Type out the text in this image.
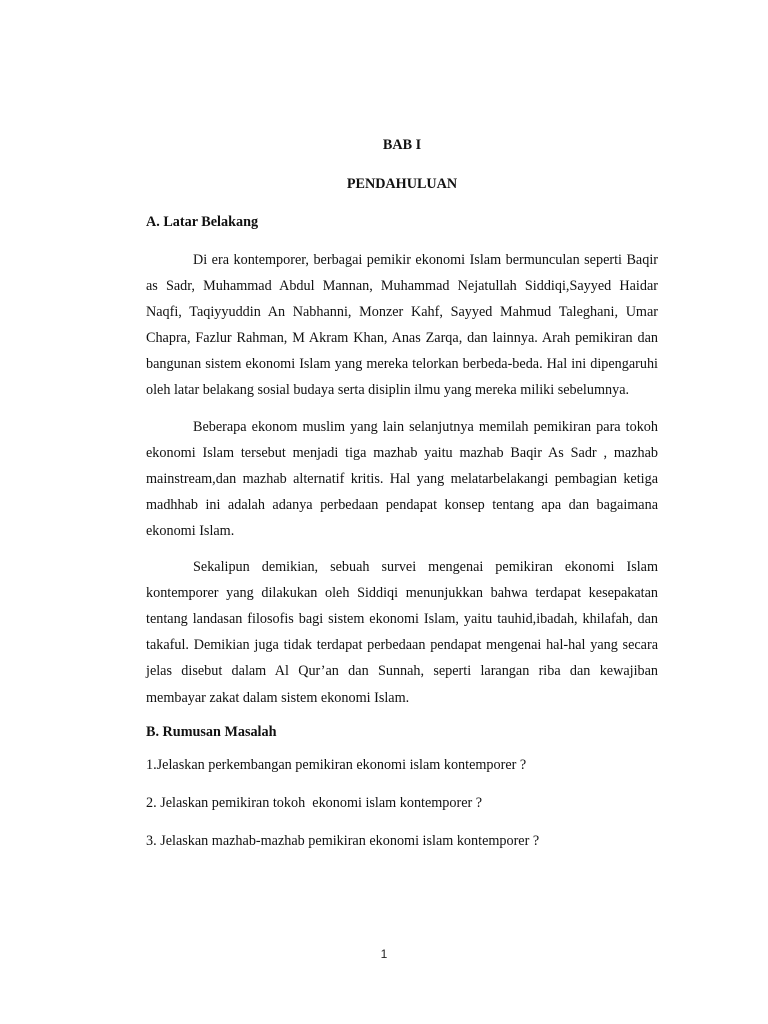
BAB I
PENDAHULUAN
A. Latar Belakang

Di era kontemporer, berbagai pemikir ekonomi Islam bermunculan seperti Baqir as Sadr, Muhammad Abdul Mannan, Muhammad Nejatullah Siddiqi,Sayyed Haidar Naqfi, Taqiyyuddin An Nabhanni, Monzer Kahf, Sayyed Mahmud Taleghani, Umar Chapra, Fazlur Rahman, M Akram Khan, Anas Zarqa, dan lainnya. Arah pemikiran dan bangunan sistem ekonomi Islam yang mereka telorkan berbeda-beda. Hal ini dipengaruhi oleh latar belakang sosial budaya serta disiplin ilmu yang mereka miliki sebelumnya.

Beberapa ekonom muslim yang lain selanjutnya memilah pemikiran para tokoh ekonomi Islam tersebut menjadi tiga mazhab yaitu mazhab Baqir As Sadr , mazhab mainstream,dan mazhab alternatif kritis. Hal yang melatarbelakangi pembagian ketiga madhhab ini adalah adanya perbedaan pendapat konsep tentang apa dan bagaimana ekonomi Islam.

Sekalipun demikian, sebuah survei mengenai pemikiran ekonomi Islam kontemporer yang dilakukan oleh Siddiqi menunjukkan bahwa terdapat kesepakatan tentang landasan filosofis bagi sistem ekonomi Islam, yaitu tauhid,ibadah, khilafah, dan takaful. Demikian juga tidak terdapat perbedaan pendapat mengenai hal-hal yang secara jelas disebut dalam Al Qur’an dan Sunnah, seperti larangan riba dan kewajiban membayar zakat dalam sistem ekonomi Islam.

B. Rumusan Masalah

1.Jelaskan perkembangan pemikiran ekonomi islam kontemporer ?

2. Jelaskan pemikiran tokoh  ekonomi islam kontemporer ?

3. Jelaskan mazhab-mazhab pemikiran ekonomi islam kontemporer ?

1
